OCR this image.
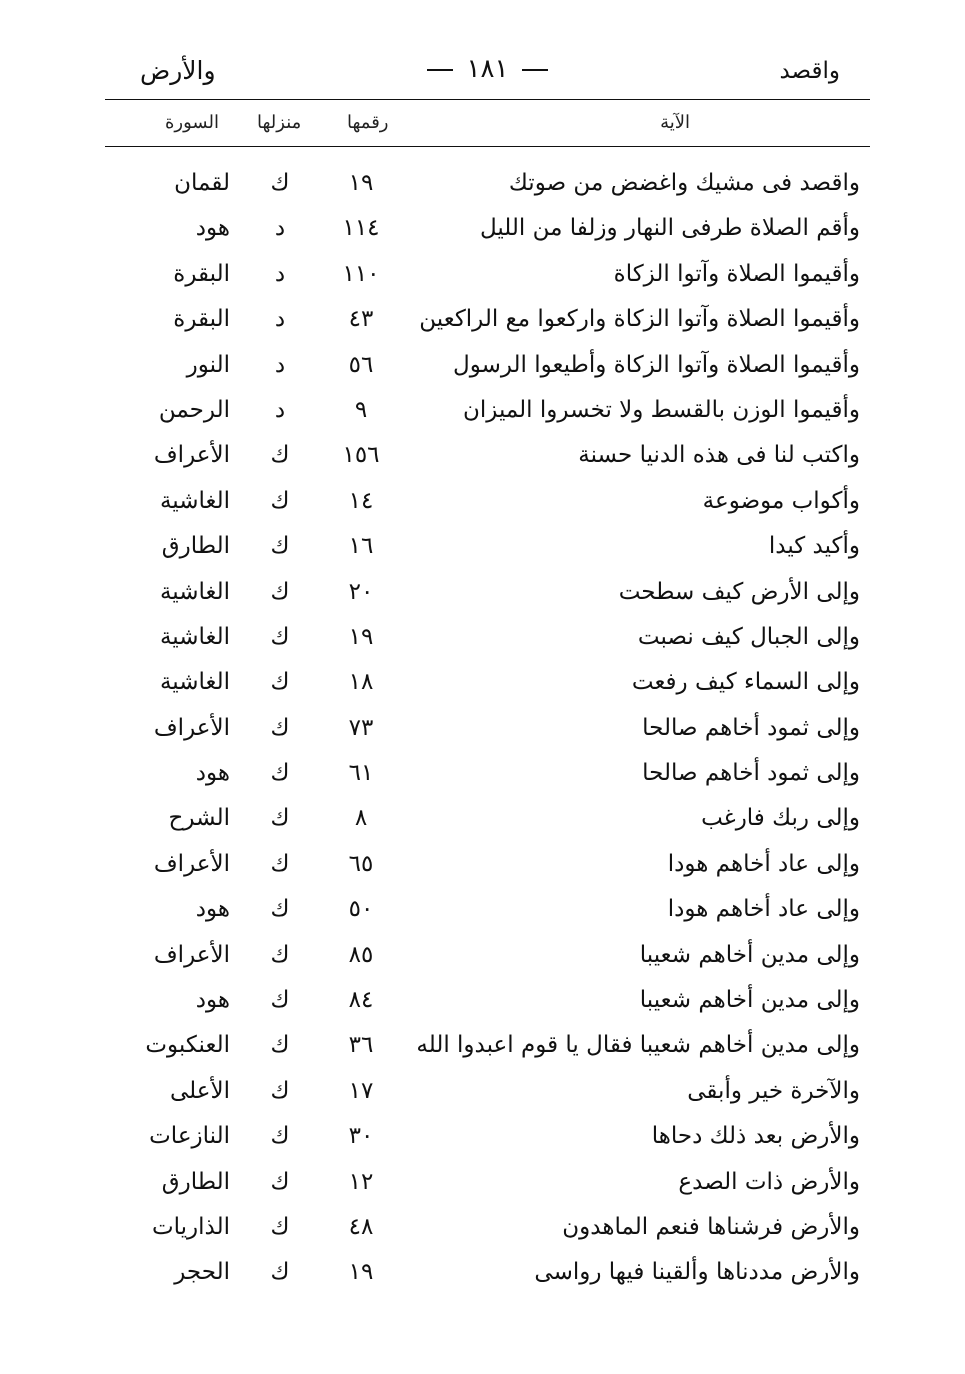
واقصد
١٨١
والأرض
الآية
رقمها
منزلها
السورة
واقصد فى مشيك واغضض من صوتك
١٩
ك
لقمان
وأقم الصلاة طرفى النهار وزلفا من الليل
١١٤
د
هود
وأقيموا الصلاة وآتوا الزكاة
١١٠
د
البقرة
وأقيموا الصلاة وآتوا الزكاة واركعوا مع الراكعين
٤٣
د
البقرة
وأقيموا الصلاة وآتوا الزكاة وأطيعوا الرسول
٥٦
د
النور
وأقيموا الوزن بالقسط ولا تخسروا الميزان
٩
د
الرحمن
واكتب لنا فى هذه الدنيا حسنة
١٥٦
ك
الأعراف
وأكواب موضوعة
١٤
ك
الغاشية
وأكيد كيدا
١٦
ك
الطارق
وإلى الأرض كيف سطحت
٢٠
ك
الغاشية
وإلى الجبال كيف نصبت
١٩
ك
الغاشية
وإلى السماء كيف رفعت
١٨
ك
الغاشية
وإلى ثمود أخاهم صالحا
٧٣
ك
الأعراف
وإلى ثمود أخاهم صالحا
٦١
ك
هود
وإلى ربك فارغب
٨
ك
الشرح
وإلى عاد أخاهم هودا
٦٥
ك
الأعراف
وإلى عاد أخاهم هودا
٥٠
ك
هود
وإلى مدين أخاهم شعيبا
٨٥
ك
الأعراف
وإلى مدين أخاهم شعيبا
٨٤
ك
هود
وإلى مدين أخاهم شعيبا فقال يا قوم اعبدوا الله
٣٦
ك
العنكبوت
والآخرة خير وأبقى
١٧
ك
الأعلى
والأرض بعد ذلك دحاها
٣٠
ك
النازعات
والأرض ذات الصدع
١٢
ك
الطارق
والأرض فرشناها فنعم الماهدون
٤٨
ك
الذاريات
والأرض مددناها وألقينا فيها رواسى
١٩
ك
الحجر
